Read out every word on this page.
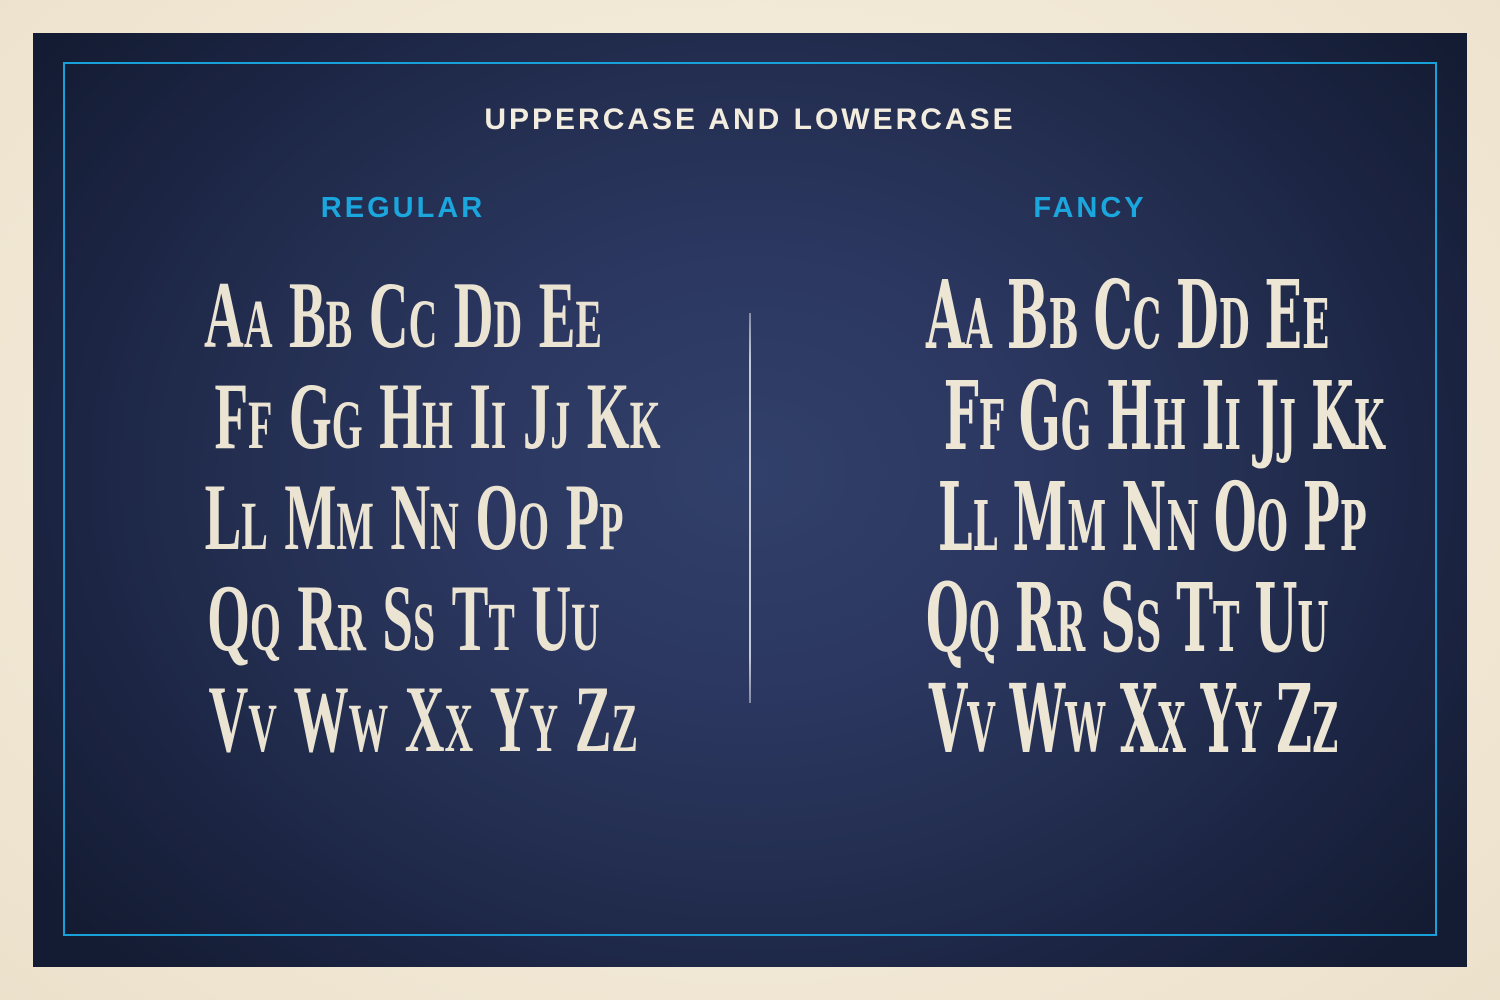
UPPERCASE AND LOWERCASE
REGULAR
AA BB CC DD EE
FF GG HH II JJ KK
LL MM NN OO PP
QQ RR SS TT UU
VV WW XX YY ZZ
FANCY
AA BB CC DD EE
FF GG HH II JJ KK
LL MM NN OO PP
QQ RR SS TT UU
VV WW XX YY ZZ
